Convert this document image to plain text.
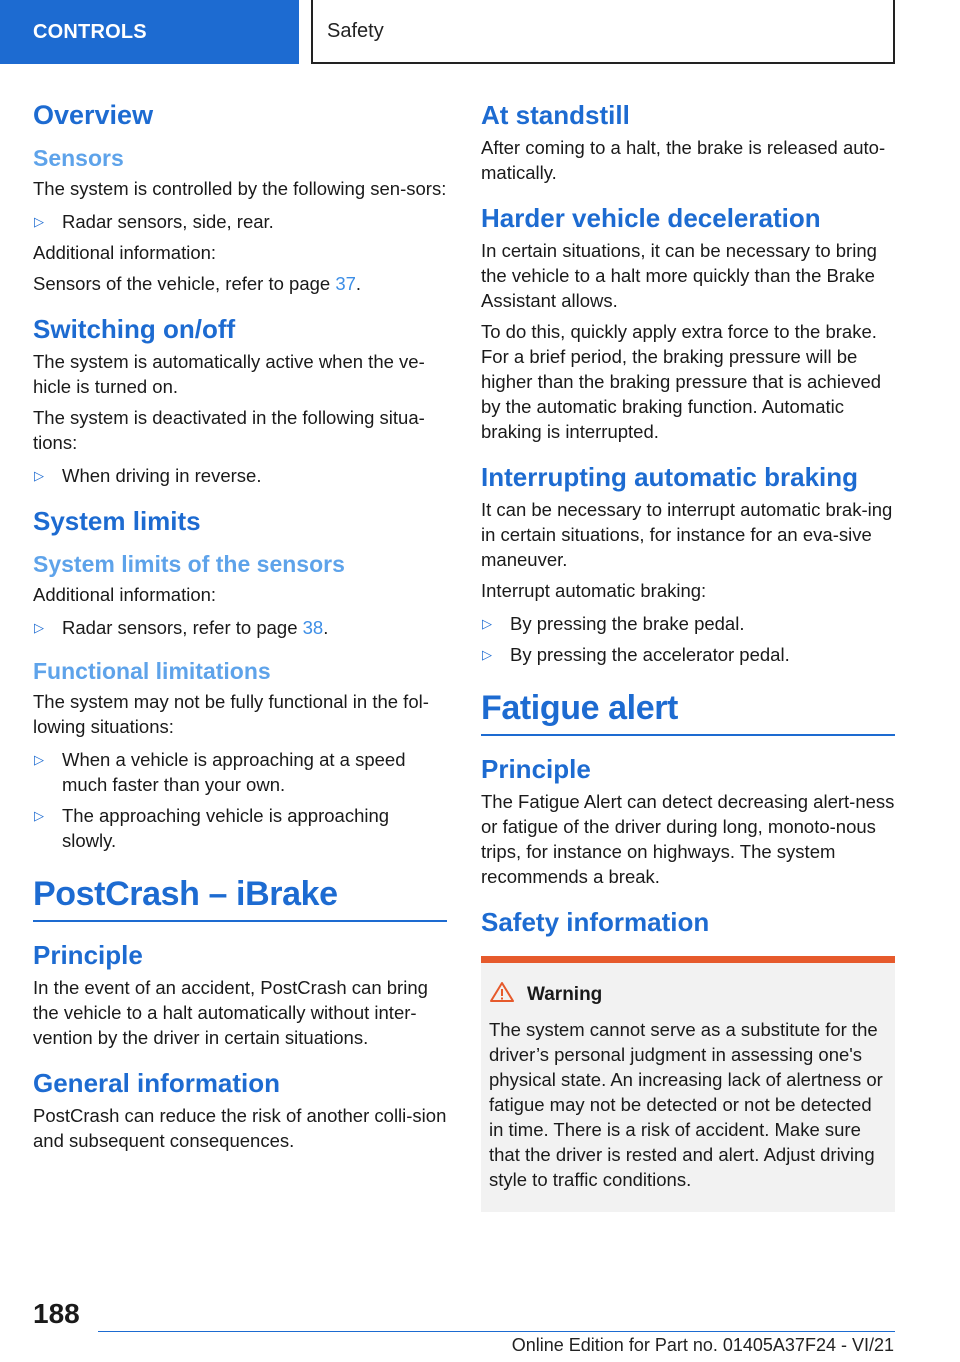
CONTROLS	Safety
Overview
Sensors
The system is controlled by the following sen-sors:
▷ Radar sensors, side, rear.
Additional information:
Sensors of the vehicle, refer to page 37.
Switching on/off
The system is automatically active when the ve-hicle is turned on.
The system is deactivated in the following situa-tions:
▷ When driving in reverse.
System limits
System limits of the sensors
Additional information:
▷ Radar sensors, refer to page 38.
Functional limitations
The system may not be fully functional in the fol-lowing situations:
▷ When a vehicle is approaching at a speed much faster than your own.
▷ The approaching vehicle is approaching slowly.
PostCrash – iBrake
Principle
In the event of an accident, PostCrash can bring the vehicle to a halt automatically without inter-vention by the driver in certain situations.
General information
PostCrash can reduce the risk of another colli-sion and subsequent consequences.
At standstill
After coming to a halt, the brake is released auto-matically.
Harder vehicle deceleration
In certain situations, it can be necessary to bring the vehicle to a halt more quickly than the Brake Assistant allows.
To do this, quickly apply extra force to the brake. For a brief period, the braking pressure will be higher than the braking pressure that is achieved by the automatic braking function. Automatic braking is interrupted.
Interrupting automatic braking
It can be necessary to interrupt automatic brak-ing in certain situations, for instance for an eva-sive maneuver.
Interrupt automatic braking:
▷ By pressing the brake pedal.
▷ By pressing the accelerator pedal.
Fatigue alert
Principle
The Fatigue Alert can detect decreasing alert-ness or fatigue of the driver during long, monoto-nous trips, for instance on highways. The system recommends a break.
Safety information
Warning
The system cannot serve as a substitute for the driver’s personal judgment in assessing one's physical state. An increasing lack of alertness or fatigue may not be detected or not be detected in time. There is a risk of accident. Make sure that the driver is rested and alert. Adjust driving style to traffic conditions.
188
Online Edition for Part no. 01405A37F24 - VI/21
